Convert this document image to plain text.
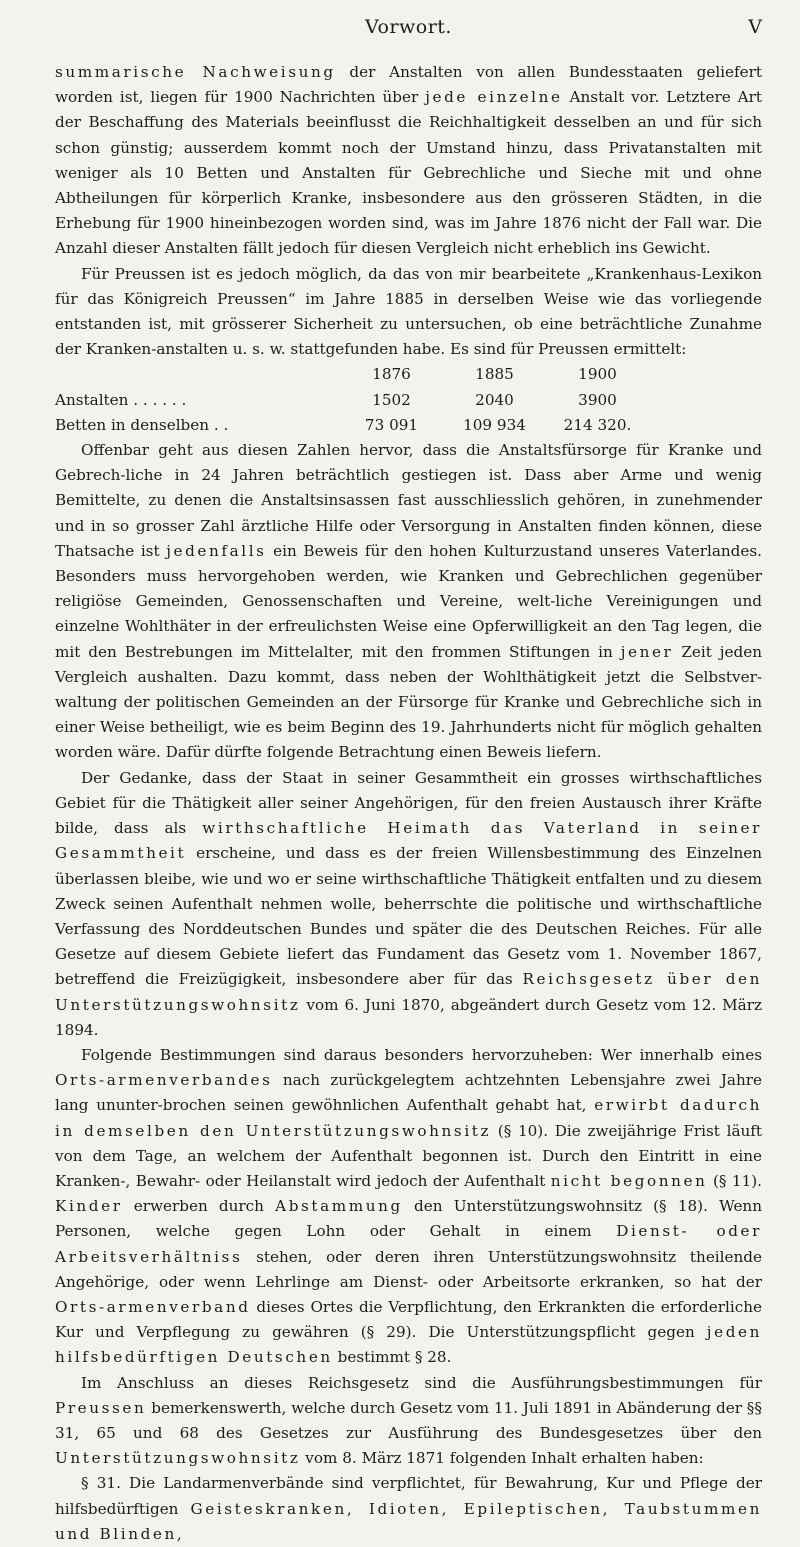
Vorwort.	V

summarische Nachweisung der Anstalten von allen Bundesstaaten geliefert worden ist, liegen für 1900 Nachrichten über jede einzelne Anstalt vor. Letztere Art der Beschaffung des Materials beeinflusst die Reichhaltigkeit desselben an und für sich schon günstig; ausserdem kommt noch der Umstand hinzu, dass Privatanstalten mit weniger als 10 Betten und Anstalten für Gebrechliche und Sieche mit und ohne Abtheilungen für körperlich Kranke, insbesondere aus den grösseren Städten, in die Erhebung für 1900 hineinbezogen worden sind, was im Jahre 1876 nicht der Fall war. Die Anzahl dieser Anstalten fällt jedoch für diesen Vergleich nicht erheblich ins Gewicht.

Für Preussen ist es jedoch möglich, da das von mir bearbeitete „Krankenhaus-Lexikon für das Königreich Preussen“ im Jahre 1885 in derselben Weise wie das vorliegende entstanden ist, mit grösserer Sicherheit zu untersuchen, ob eine beträchtliche Zunahme der Kranken-anstalten u. s. w. stattgefunden habe. Es sind für Preussen ermittelt:

	1876	1885	1900
Anstalten . . . . . .	1502	2040	3900
Betten in denselben . .	73 091	109 934	214 320.

Offenbar geht aus diesen Zahlen hervor, dass die Anstaltsfürsorge für Kranke und Gebrech-liche in 24 Jahren beträchtlich gestiegen ist. Dass aber Arme und wenig Bemittelte, zu denen die Anstaltsinsassen fast ausschliesslich gehören, in zunehmender und in so grosser Zahl ärztliche Hilfe oder Versorgung in Anstalten finden können, diese Thatsache ist jedenfalls ein Beweis für den hohen Kulturzustand unseres Vaterlandes. Besonders muss hervorgehoben werden, wie Kranken und Gebrechlichen gegenüber religiöse Gemeinden, Genossenschaften und Vereine, welt-liche Vereinigungen und einzelne Wohlthäter in der erfreulichsten Weise eine Opferwilligkeit an den Tag legen, die mit den Bestrebungen im Mittelalter, mit den frommen Stiftungen in jener Zeit jeden Vergleich aushalten. Dazu kommt, dass neben der Wohlthätigkeit jetzt die Selbstver-waltung der politischen Gemeinden an der Fürsorge für Kranke und Gebrechliche sich in einer Weise betheiligt, wie es beim Beginn des 19. Jahrhunderts nicht für möglich gehalten worden wäre. Dafür dürfte folgende Betrachtung einen Beweis liefern.

Der Gedanke, dass der Staat in seiner Gesammtheit ein grosses wirthschaftliches Gebiet für die Thätigkeit aller seiner Angehörigen, für den freien Austausch ihrer Kräfte bilde, dass als wirthschaftliche Heimath das Vaterland in seiner Gesammtheit erscheine, und dass es der freien Willensbestimmung des Einzelnen überlassen bleibe, wie und wo er seine wirthschaftliche Thätigkeit entfalten und zu diesem Zweck seinen Aufenthalt nehmen wolle, beherrschte die politische und wirthschaftliche Verfassung des Norddeutschen Bundes und später die des Deutschen Reiches. Für alle Gesetze auf diesem Gebiete liefert das Fundament das Gesetz vom 1. November 1867, betreffend die Freizügigkeit, insbesondere aber für das Reichsgesetz über den Unterstützungswohnsitz vom 6. Juni 1870, abgeändert durch Gesetz vom 12. März 1894.

Folgende Bestimmungen sind daraus besonders hervorzuheben: Wer innerhalb eines Orts-armenverbandes nach zurückgelegtem achtzehnten Lebensjahre zwei Jahre lang ununter-brochen seinen gewöhnlichen Aufenthalt gehabt hat, erwirbt dadurch in demselben den Unterstützungswohnsitz (§ 10). Die zweijährige Frist läuft von dem Tage, an welchem der Aufenthalt begonnen ist. Durch den Eintritt in eine Kranken-, Bewahr- oder Heilanstalt wird jedoch der Aufenthalt nicht begonnen (§ 11). Kinder erwerben durch Abstammung den Unterstützungswohnsitz (§ 18). Wenn Personen, welche gegen Lohn oder Gehalt in einem Dienst- oder Arbeitsverhältniss stehen, oder deren ihren Unterstützungswohnsitz theilende Angehörige, oder wenn Lehrlinge am Dienst- oder Arbeitsorte erkranken, so hat der Orts-armenverband dieses Ortes die Verpflichtung, den Erkrankten die erforderliche Kur und Verpflegung zu gewähren (§ 29). Die Unterstützungspflicht gegen jeden hilfsbedürftigen Deutschen bestimmt § 28.

Im Anschluss an dieses Reichsgesetz sind die Ausführungsbestimmungen für Preussen bemerkenswerth, welche durch Gesetz vom 11. Juli 1891 in Abänderung der §§ 31, 65 und 68 des Gesetzes zur Ausführung des Bundesgesetzes über den Unterstützungswohnsitz vom 8. März 1871 folgenden Inhalt erhalten haben:

§ 31. Die Landarmenverbände sind verpflichtet, für Bewahrung, Kur und Pflege der hilfsbedürftigen Geisteskranken, Idioten, Epileptischen, Taubstummen und Blinden,
